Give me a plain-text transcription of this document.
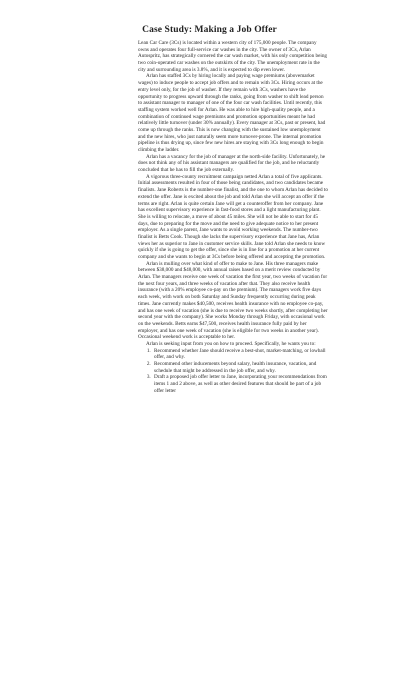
Case Study: Making a Job Offer

Lean Car Care (3Cs) is located within a western city of 175,000 people. The company owns and operates four full-service car washes in the city. The owner of 3Cs, Arlan Autospritz, has strategically cornered the car wash market, with his only competition being two coin-operated car washes on the outskirts of the city. The unemployment rate in the city and surrounding area is 3.8%, and it is expected to dip even lower.

Arlan has staffed 3Cs by hiring locally and paying wage premiums (abovemarket wages) to induce people to accept job offers and to remain with 3Cs. Hiring occurs at the entry level only, for the job of washer. If they remain with 3Cs, washers have the opportunity to progress upward through the ranks, going from washer to shift lead person to assistant manager to manager of one of the four car wash facilities. Until recently, this staffing system worked well for Arlan. He was able to hire high-quality people, and a combination of continued wage premiums and promotion opportunities meant he had relatively little turnover (under 30% annually). Every manager at 3Cs, past or present, had come up through the ranks. This is now changing with the sustained low unemployment and the new hires, who just naturally seem more turnover-prone. The internal promotion pipeline is thus drying up, since few new hires are staying with 3Cs long enough to begin climbing the ladder.

Arlan has a vacancy for the job of manager at the north-side facility. Unfortunately, he does not think any of his assistant managers are qualified for the job, and he reluctantly concluded that he has to fill the job externally.

A vigorous three-county recruitment campaign netted Arlan a total of five applicants. Initial assessments resulted in four of those being candidates, and two candidates became finalists. Jane Roberts is the number-one finalist, and the one to whom Arlan has decided to extend the offer. Jane is excited about the job and told Arlan she will accept an offer if the terms are right. Arlan is quite certain Jane will get a counteroffer from her company. Jane has excellent supervisory experience in fast-food stores and a light manufacturing plant. She is willing to relocate, a move of about 45 miles. She will not be able to start for 45 days, due to preparing for the move and the need to give adequate notice to her present employer. As a single parent, Jane wants to avoid working weekends. The number-two finalist is Betts Cook. Though she lacks the supervisory experience that Jane has, Arlan views her as superior to Jane in customer service skills. Jane told Arlan she needs to know quickly if she is going to get the offer, since she is in line for a promotion at her current company and she wants to begin at 3Cs before being offered and accepting the promotion.

Arlan is mulling over what kind of offer to make to Jane. His three managers make between $38,000 and $48,000, with annual raises based on a merit review conducted by Arlan. The managers receive one week of vacation the first year, two weeks of vacation for the next four years, and three weeks of vacation after that. They also receive health insurance (with a 20% employee co-pay on the premium). The managers work five days each week, with work on both Saturday and Sunday frequently occurring during peak times. Jane currently makes $40,500, receives health insurance with no employee co-pay, and has one week of vacation (she is due to receive two weeks shortly, after completing her second year with the company). She works Monday through Friday, with occasional work on the weekends. Betts earns $47,500, receives health insurance fully paid by her employer, and has one week of vacation (she is eligible for two weeks in another year). Occasional weekend work is acceptable to her.

Arlan is seeking input from you on how to proceed. Specifically, he wants you to:

1. Recommend whether Jane should receive a best-shot, market-matching, or lowball offer, and why.
2. Recommend other inducements beyond salary, health insurance, vacation, and schedule that might be addressed in the job offer, and why.
3. Draft a proposed job offer letter to Jane, incorporating your recommendations from items 1 and 2 above, as well as other desired features that should be part of a job offer letter
